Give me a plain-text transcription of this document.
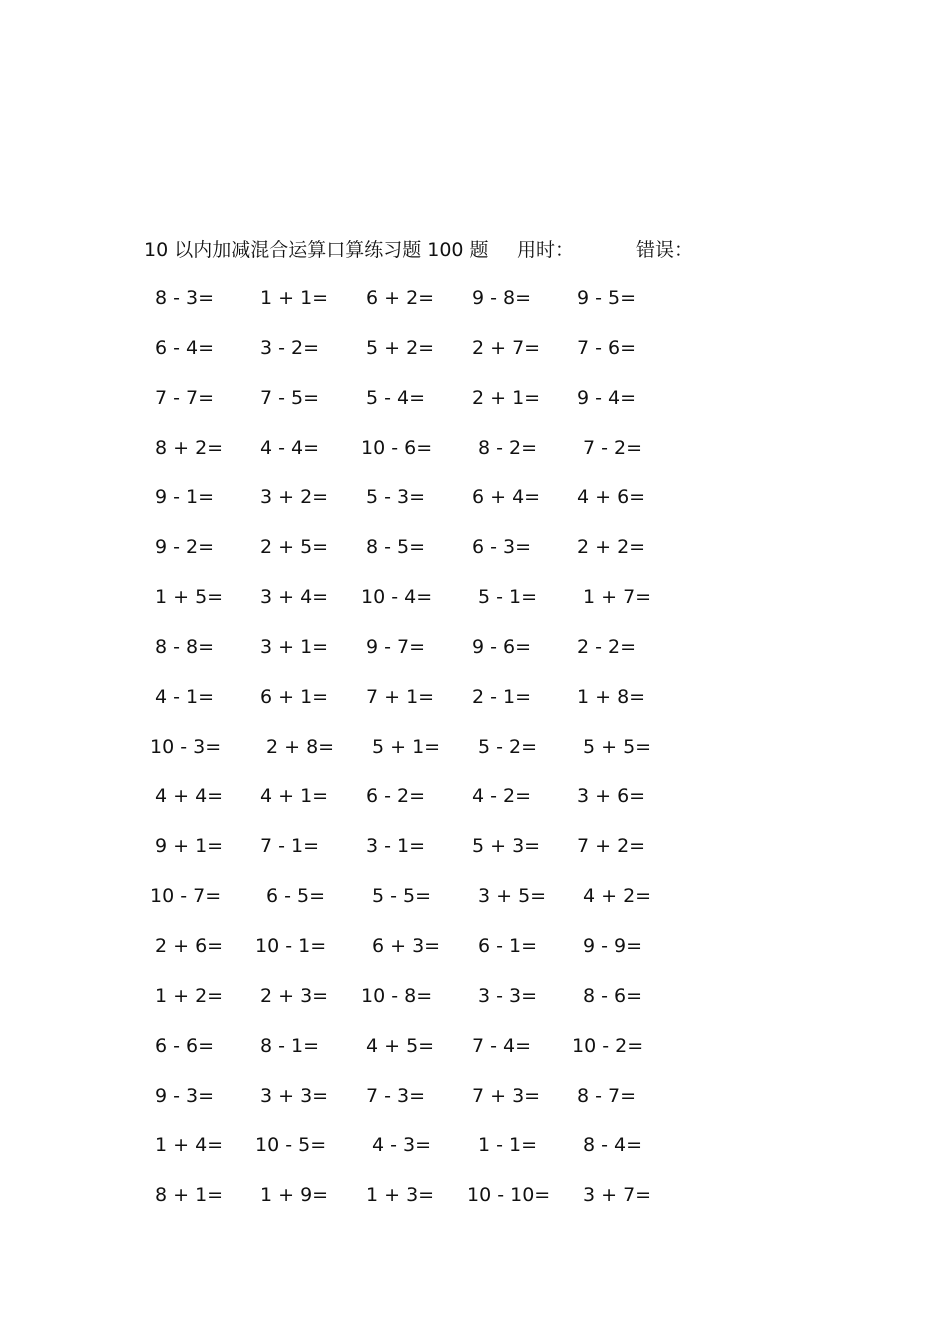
10 以内加减混合运算口算练习题 100 题 用时：	错误：
8 - 3= 1 + 1= 6 + 2= 9 - 8= 9 - 5=
6 - 4= 3 - 2= 5 + 2= 2 + 7= 7 - 6=
7 - 7= 7 - 5= 5 - 4= 2 + 1= 9 - 4=
8 + 2= 4 - 4= 10 - 6= 8 - 2= 7 - 2=
9 - 1= 3 + 2= 5 - 3= 6 + 4= 4 + 6=
9 - 2= 2 + 5= 8 - 5= 6 - 3= 2 + 2=
1 + 5= 3 + 4= 10 - 4= 5 - 1= 1 + 7=
8 - 8= 3 + 1= 9 - 7= 9 - 6= 2 - 2=
4 - 1= 6 + 1= 7 + 1= 2 - 1= 1 + 8=
10 - 3= 2 + 8= 5 + 1= 5 - 2= 5 + 5=
4 + 4= 4 + 1= 6 - 2= 4 - 2= 3 + 6=
9 + 1= 7 - 1= 3 - 1= 5 + 3= 7 + 2=
10 - 7= 6 - 5= 5 - 5= 3 + 5= 4 + 2=
2 + 6= 10 - 1= 6 + 3= 6 - 1= 9 - 9=
1 + 2= 2 + 3= 10 - 8= 3 - 3= 8 - 6=
6 - 6= 8 - 1= 4 + 5= 7 - 4= 10 - 2=
9 - 3= 3 + 3= 7 - 3= 7 + 3= 8 - 7=
1 + 4= 10 - 5= 4 - 3= 1 - 1= 8 - 4=
8 + 1= 1 + 9= 1 + 3= 10 - 10= 3 + 7=
